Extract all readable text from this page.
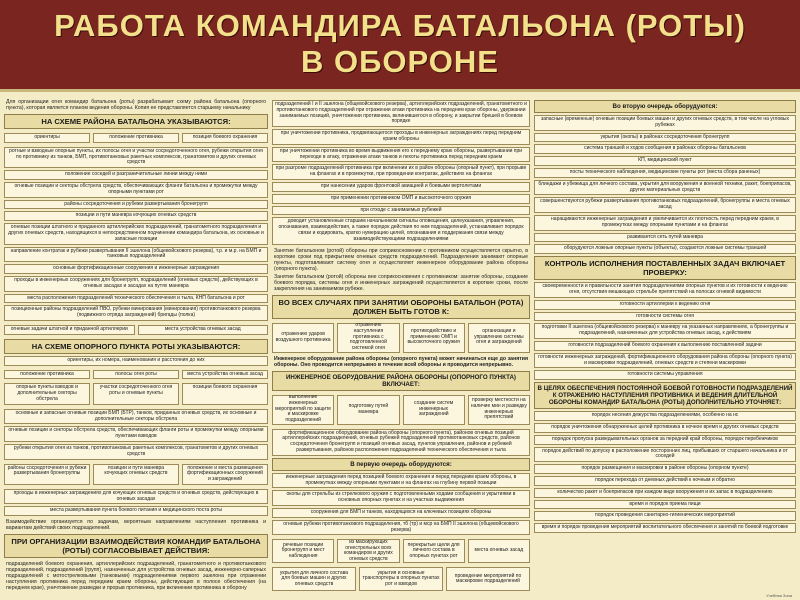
РАБОТА КОМАНДИРА БАТАЛЬОНА (РОТЫ)
В ОБОРОНЕ
Для организации огня командир батальона (роты) разрабатывает схему района батальона (опорного пункта), которая является планом ведения обороны. Копия ее представляется старшему начальнику
НА СХЕМЕ РАЙОНА БАТАЛЬОНА УКАЗЫВАЮТСЯ:
ориентиры	положение противника	позиция боевого охранения
ротные и взводные опорные пункты, их полосы огня и участки сосредоточенного огня, рубежи открытия огня по противнику из танков, БМП, противотанковых ракетных комплексов, гранатометов и других огневых средств
положение соседей и разграничительные линии между ними
огневые позиции и секторы обстрела средств, обеспечивающих фланги батальона и промежутки между опорными пунктами рот
районы сосредоточения и рубежи развертывания бронегрупп
позиции и пути маневра кочующих огневых средств
огневые позиции штатного и приданного артиллерийских подразделений, гранатометного подразделения и других огневых средств, находящихся в непосредственном подчинении командира батальона, их основные и запасные позиции
направление контратак и рубежи развертывания II эшелона (общевойскового резерва), т.р. и м.р. на БМП и танковых подразделений
основные фортификационные сооружения и инженерные заграждения
проходы в инженерных сооружениях для бронегрупп, подразделений (огневых средств), действующих в огневых засадах и засадах на путях маневра
места расположения подразделений технического обеспечения и тыла, КНП батальона и рот
позиционные районы подразделений ПВО, рубежи минирования (минирования) противотанкового резерва (подвижного отряда заграждений) бригады (полка)
огневые задачи штатной и приданной артиллерии	места устройства огневых засад
НА СХЕМЕ ОПОРНОГО ПУНКТА РОТЫ УКАЗЫВАЮТСЯ:
ориентиры, их номера, наименования и расстояния до них
положение противника	полосы огня роты	места устройства огневых засад
опорные пункты взводов и дополнительные секторы обстрела
участки сосредоточенного огня роты и огневые пункты
позиции боевого охранения
основные и запасные огневые позиции БМП (БТР), танков, приданных огневых средств, их основные и дополнительные секторы обстрела
огневые позиции и секторы обстрела средств, обеспечивающих фланги роты и промежутки между опорными пунктами взводов
рубежи открытия огня из танков, противотанковых ракетных комплексов, гранатометов и других огневых средств
районы сосредоточения и рубежи развертывания бронегруппы
позиции и пути маневра кочующих огневых средств
положение и места размещения фортификационных сооружений и заграждений
проходы в инженерных заграждениях для кочующих огневых средств и огневых средств, действующих в огневых засадах
места развертывания пункта боевого питания и медицинского поста роты
Взаимодействие организуется по задачам, вероятным направлениям наступления противника и вариантам действий своих подразделений.
ПРИ ОРГАНИЗАЦИИ ВЗАИМОДЕЙСТВИЯ КОМАНДИР БАТАЛЬОНА (РОТЫ) СОГЛАСОВЫВАЕТ ДЕЙСТВИЯ:
подразделений боевого охранения, артиллерийских подразделений, гранатометного и противотанкового подразделений, подразделений (групп), назначенных для устройства огневых засад, инженерно-саперных подразделений с мотострелковыми (танковыми) подразделениями первого эшелона при отражении наступления противника перед передним краем обороны, действующих в полосе обеспечения (на переднем крае), уничтожение разведки и прорыв противника, при вклинении противника в оборону
подразделений I и II эшелона (общевойскового резерва), артиллерийских подразделений, гранатометного и противотанкового подразделений при отражении атаки противника на переднем крае обороны, удержании занимаемых позиций, уничтожении противника, вклинившегося в оборону, и закрытии брешей в боевом порядке
при уничтожении противника, продвигающегося проходы в инженерных заграждениях перед передним краем обороны
при уничтожении противника во время выдвижения его к переднему краю обороны, развертывании при переходе в атаку, отражении атаки танков и пехоты противника перед передним краем
при разгроме подразделений противника при вклинении их в район обороны (опорный пункт), при прорыве на флангах и в промежутки, при проведении контратак, действиях на флангах
при нанесении ударов фронтовой авиацией и боевыми вертолетами
при применении противником ОМП и высокоточного оружия
при отходе с занимаемых рубежей
доводит установленные старшим начальником сигналы оповещения, целеуказания, управления, опознавания, взаимодействия, а также порядок действия по ним подразделений, устанавливает порядок связи и кодировать, кратко нумерацию целей, опознавания и поддержания связи между взаимодействующими подразделениями
Занятие батальоном (ротой) обороны при соприкосновении с противником осуществляется скрытно, в короткие сроки под прикрытием огневых средств подразделений. Подразделения занимают опорные пункты, подготавливают систему огня и осуществляют инженерное оборудование района обороны (опорного пункта).
Занятие батальоном (ротой) обороны вне соприкосновения с противником: занятие обороны, создание боевого порядка, системы огня и инженерных заграждений осуществляется в короткие сроки, после закрепления на занимаемом рубеже.
ВО ВСЕХ СЛУЧАЯХ ПРИ ЗАНЯТИИ ОБОРОНЫ БАТАЛЬОН (РОТА) ДОЛЖЕН БЫТЬ ГОТОВ К:
отражению ударов воздушного противника
отражению наступления противника с подготовленной системой огня
противодействию и применению ОМП и высокоточного оружия
организации и управлению системы огня и заграждений
Инженерное оборудование района обороны (опорного пункта) может начинаться еще до занятия обороны. Оно проводится непрерывно в течение всей обороны и проводится непрерывно.
ИНЖЕНЕРНОЕ ОБОРУДОВАНИЕ РАЙОНА ОБОРОНЫ (ОПОРНОГО ПУНКТА) ВКЛЮЧАЕТ:
выполнение инженерных мероприятий по защите и маскировке подразделений
подготовку путей маневра
создание систем инженерных заграждений
проверку местности на наличие мин и разведку инженерных препятствий
фортификационное оборудование района обороны (опорного пункта), районов огневых позиций артиллерийских подразделений, огневых рубежей подразделений противотанковых средств, районов сосредоточения бронегрупп и позиций огневых засад, пунктов управления, районов и рубежей развертывания, районов расположения подразделений технического обеспечения и тыла
В первую очередь оборудуются:
инженерные заграждения перед позицией боевого охранения и перед передним краем обороны, в промежутках между опорными пунктами и на флангах на глубину первой позиции
окопы для стрельбы из стрелкового оружия с подготовленными ходами сообщения и укрытиями в основных опорных пунктах и на участках выдвижения
сооружения для БМП и танков, находящихся на ключевых позициях обороны
огневые рубежи противотанкового подразделения, тб (тр) и мср на БМП II эшелона (общевойскового резерва)
речевые позиции бронегрупп и мест наблюдения
из маскирующих огнестрельных всех командиров и других огневых средств
перекрытые щели для личного состава в опорных пунктах рот
места огневых засад
укрытия для личного состава для боевых машин и других огневых средств
укрытия и основные транспортеры в опорных пунктах рот и взводов
проведение мероприятий по маскировке подразделений
Во вторую очередь оборудуются:
запасные (временные) огневые позиции боевых машин и других огневых средств, в том числе на угловых рубежах
укрытия (окопы) в районах сосредоточения бронегрупп
система траншей и ходов сообщения в районах обороны батальонов
КП, медицинский пункт
посты технического наблюдения, медицинские пункты рот (места сбора раненых)
блиндажи и убежища для личного состава, укрытия для вооружения и военной техники, ракет, боеприпасов, других материальных средств
совершенствуются рубежи развертывания противотанковых подразделений, бронегруппы и места огневых засад
наращиваются инженерные заграждения и увеличивается их плотность перед передним краем, в промежутках между опорными пунктами и на флангах
развивается сеть путей маневра
оборудуются ложные опорные пункты (объекты), создаются ложные системы траншей
КОНТРОЛЬ ИСПОЛНЕНИЯ ПОСТАВЛЕННЫХ ЗАДАЧ ВКЛЮЧАЕТ ПРОВЕРКУ:
своевременности и правильности занятия подразделениями опорных пунктов и их готовности к ведению огня, отсутствия мешающих стрельбе препятствий на полосах огневой видимости
готовности артиллерии к ведению огня
готовности системы огня
подготовки II эшелона (общевойскового резерва) к маневру на указанных направлениях, а бронегруппы и подразделений, назначенных для устройства огневых засад, к действиям
готовности подразделений боевого охранения к выполнению поставленной задачи
готовности инженерных заграждений, фортификационного оборудования района обороны (опорного пункта) и маскировки подразделений, огневых средств и степени маскировки
готовности системы управления
В ЦЕЛЯХ ОБЕСПЕЧЕНИЯ ПОСТОЯННОЙ БОЕВОЙ ГОТОВНОСТИ ПОДРАЗДЕЛЕНИЙ К ОТРАЖЕНИЮ НАСТУПЛЕНИЯ ПРОТИВНИКА И ВЕДЕНИЯ ДЛИТЕЛЬНОЙ ОБОРОНЫ КОМАНДИР БАТАЛЬОНА (РОТЫ) ДОПОЛНИТЕЛЬНО УТОЧНЯЕТ:
порядок несения дежурства подразделениями, особенно на нс
порядок уничтожения обнаруженных целей противника в ночное время и других огневых средств
порядок пропуска разведывательных органов за передний край обороны, порядок перебежчиков
порядок действий по допуску в расположение посторонних лиц, прибывших от старшего начальника и от соседей
порядок размещения и маскировки в районе обороны (опорном пункте)
порядок перехода от дневных действий к ночным и обратно
количество ракет и боеприпасов при каждом виде вооружения и их запас в подразделениях
время и порядок приема пищи
порядок проведения санитарно-гигиенических мероприятий
время и порядок проведения мероприятий воспитательного обеспечения и занятий по боевой подготовке
Учебная Зона
